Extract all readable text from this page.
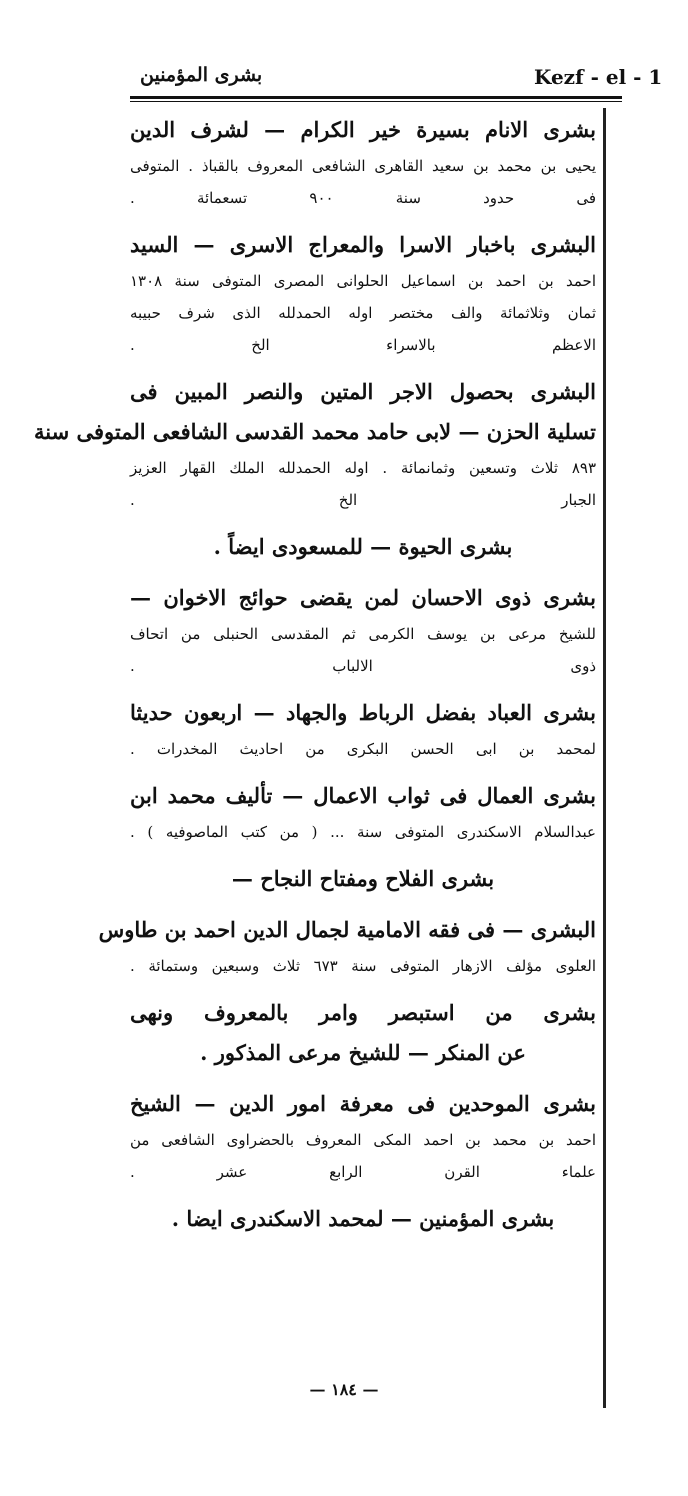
Kezf - el - 1
بشرى المؤمنين
بشرى الانام بسيرة خير الكرام — لشرف الدين
يحيى بن محمد بن سعيد القاهرى الشافعى المعروف بالقباذ . المتوفى
فى حدود سنة ٩٠٠ تسعمائة .
البشرى باخبار الاسرا والمعراج الاسرى — السيد
احمد بن احمد بن اسماعيل الحلوانى المصرى المتوفى سنة ١٣٠٨
ثمان وثلاثمائة والف مختصر اوله الحمدلله الذى شرف حبيبه
الاعظم بالاسراء الخ .
البشرى بحصول الاجر المتين والنصر المبين فى
تسلية الحزن — لابى حامد محمد القدسى الشافعى المتوفى سنة
٨٩٣ ثلاث وتسعين وثمانمائة . اوله الحمدلله الملك القهار العزيز
الجبار الخ .
بشرى الحيوة — للمسعودى ايضاً .
بشرى ذوى الاحسان لمن يقضى حوائج الاخوان —
للشيخ مرعى بن يوسف الكرمى ثم المقدسى الحنبلى من اتحاف
ذوى الالباب .
بشرى العباد بفضل الرباط والجهاد — اربعون حديثا
لمحمد بن ابى الحسن البكرى من احاديث المخدرات .
بشرى العمال فى ثواب الاعمال — تأليف محمد ابن
عبدالسلام الاسكندرى المتوفى سنة ... ( من كتب الماصوفيه ) .
بشرى الفلاح ومفتاح النجاح —
البشرى — فى فقه الامامية لجمال الدين احمد بن طاوس
العلوى مؤلف الازهار المتوفى سنة ٦٧٣ ثلاث وسبعين وستمائة .
بشرى من استبصر وامر بالمعروف ونهى
عن المنكر — للشيخ مرعى المذكور .
بشرى الموحدين فى معرفة امور الدين — الشيخ
احمد بن محمد بن احمد المكى المعروف بالحضراوى الشافعى من
علماء القرن الرابع عشر .
بشرى المؤمنين — لمحمد الاسكندرى ايضا .
— ١٨٤ —
